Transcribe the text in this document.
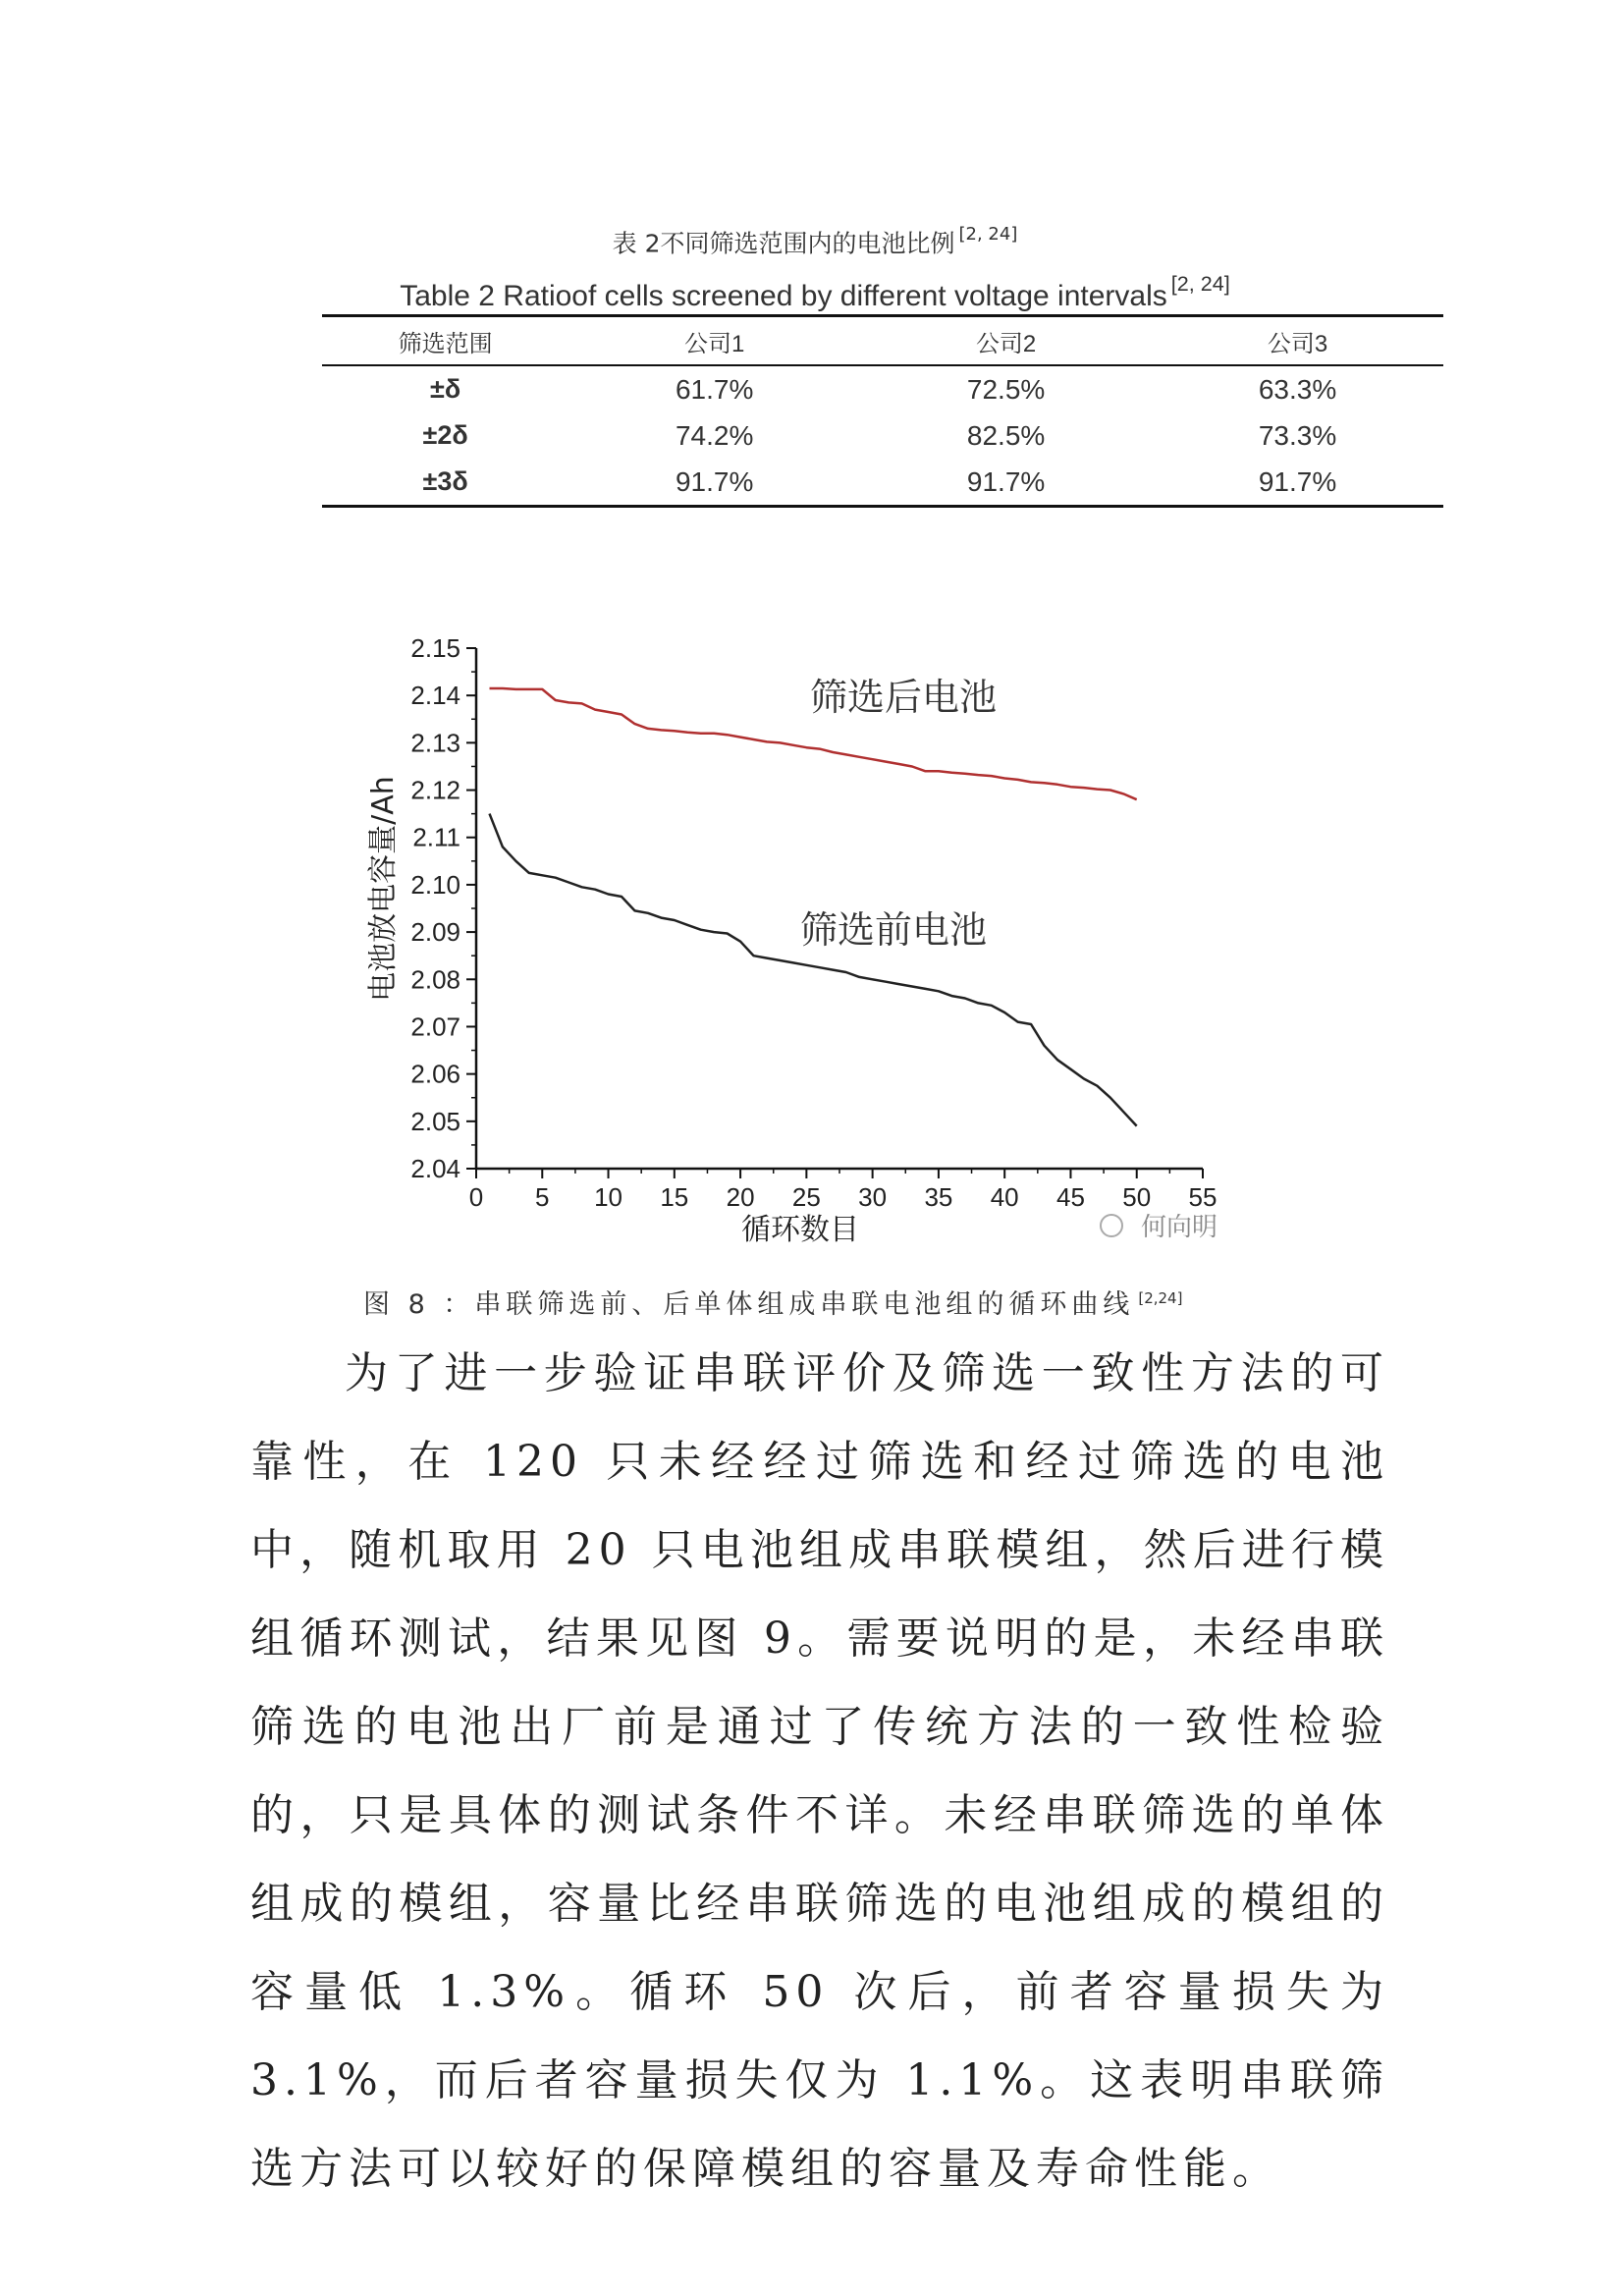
表 2不同筛选范围内的电池比例 [2, 24]
Table 2 Ratioof cells screened by different voltage intervals [2, 24]
筛选范围	公司1	公司2	公司3
±δ	61.7%	72.5%	63.3%
±2δ	74.2%	82.5%	73.3%
±3δ	91.7%	91.7%	91.7%
0 5 10 15 20 25 30 35 40 45 50 55
2.04
2.05
2.06
2.07
2.08
2.09
2.10
2.11
2.12
2.13
2.14
2.15
筛选后电池
筛选前电池
循环数目
电池放电容量/Ah
何向明
图 8 ：串联筛选前、后单体组成串联电池组的循环曲线 [2,24]
为了进一步验证串联评价及筛选一致性方法的可靠性，在 120 只未经经过筛选和经过筛选的电池中，随机取用 20 只电池组成串联模组，然后进行模组循环测试，结果见图 9。需要说明的是，未经串联筛选的电池出厂前是通过了传统方法的一致性检验的，只是具体的测试条件不详。未经串联筛选的单体组成的模组，容量比经串联筛选的电池组成的模组的容量低 1.3%。循环 50 次后，前者容量损失为 3.1%，而后者容量损失仅为 1.1%。这表明串联筛选方法可以较好的保障模组的容量及寿命性能。
